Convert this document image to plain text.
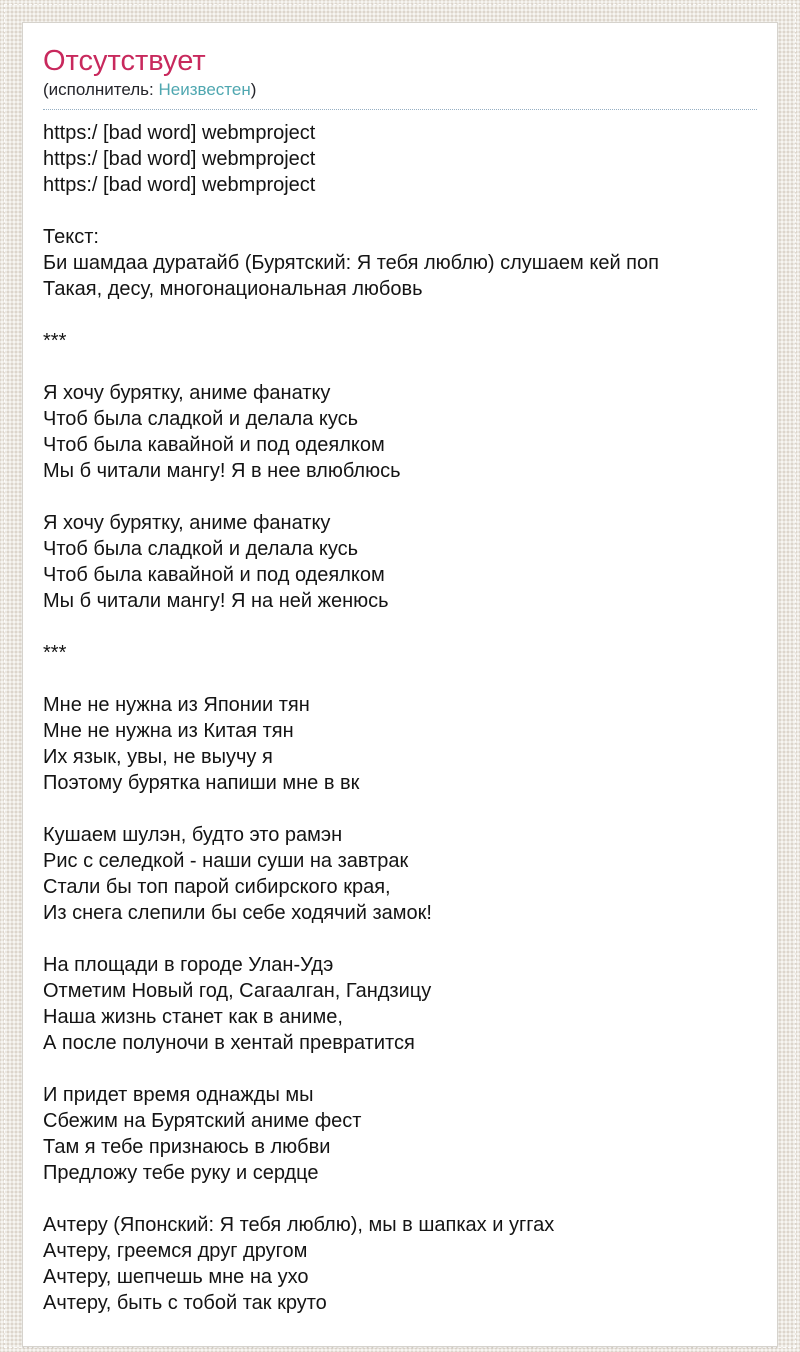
Отсутствует
(исполнитель: Неизвестен)
https:/ [bad word] webmproject
https:/ [bad word] webmproject
https:/ [bad word] webmproject

Текст:
Би шамдаа дуратайб (Бурятский: Я тебя люблю) слушаем кей поп
Такая, десу, многонациональная любовь

***

Я хочу бурятку, аниме фанатку
Чтоб была сладкой и делала кусь
Чтоб была кавайной и под одеялком
Мы б читали мангу! Я в нее влюблюсь

Я хочу бурятку, аниме фанатку
Чтоб была сладкой и делала кусь
Чтоб была кавайной и под одеялком
Мы б читали мангу! Я на ней женюсь

***

Мне не нужна из Японии тян
Мне не нужна из Китая тян
Их язык, увы, не выучу я
Поэтому бурятка напиши мне в вк

Кушаем шулэн, будто это рамэн
Рис с селедкой - наши суши на завтрак
Стали бы топ парой сибирского края,
Из снега слепили бы себе ходячий замок!

На площади в городе Улан-Удэ
Отметим Новый год, Сагаалган, Гандзицу
Наша жизнь станет как в аниме,
А после полуночи в хентай превратится

И придет время однажды мы
Сбежим на Бурятский аниме фест
Там я тебе признаюсь в любви
Предложу тебе руку и сердце

Ачтеру (Японский: Я тебя люблю), мы в шапках и уггах
Ачтеру, греемся друг другом
Ачтеру, шепчешь мне на ухо
Ачтеру, быть с тобой так круто
